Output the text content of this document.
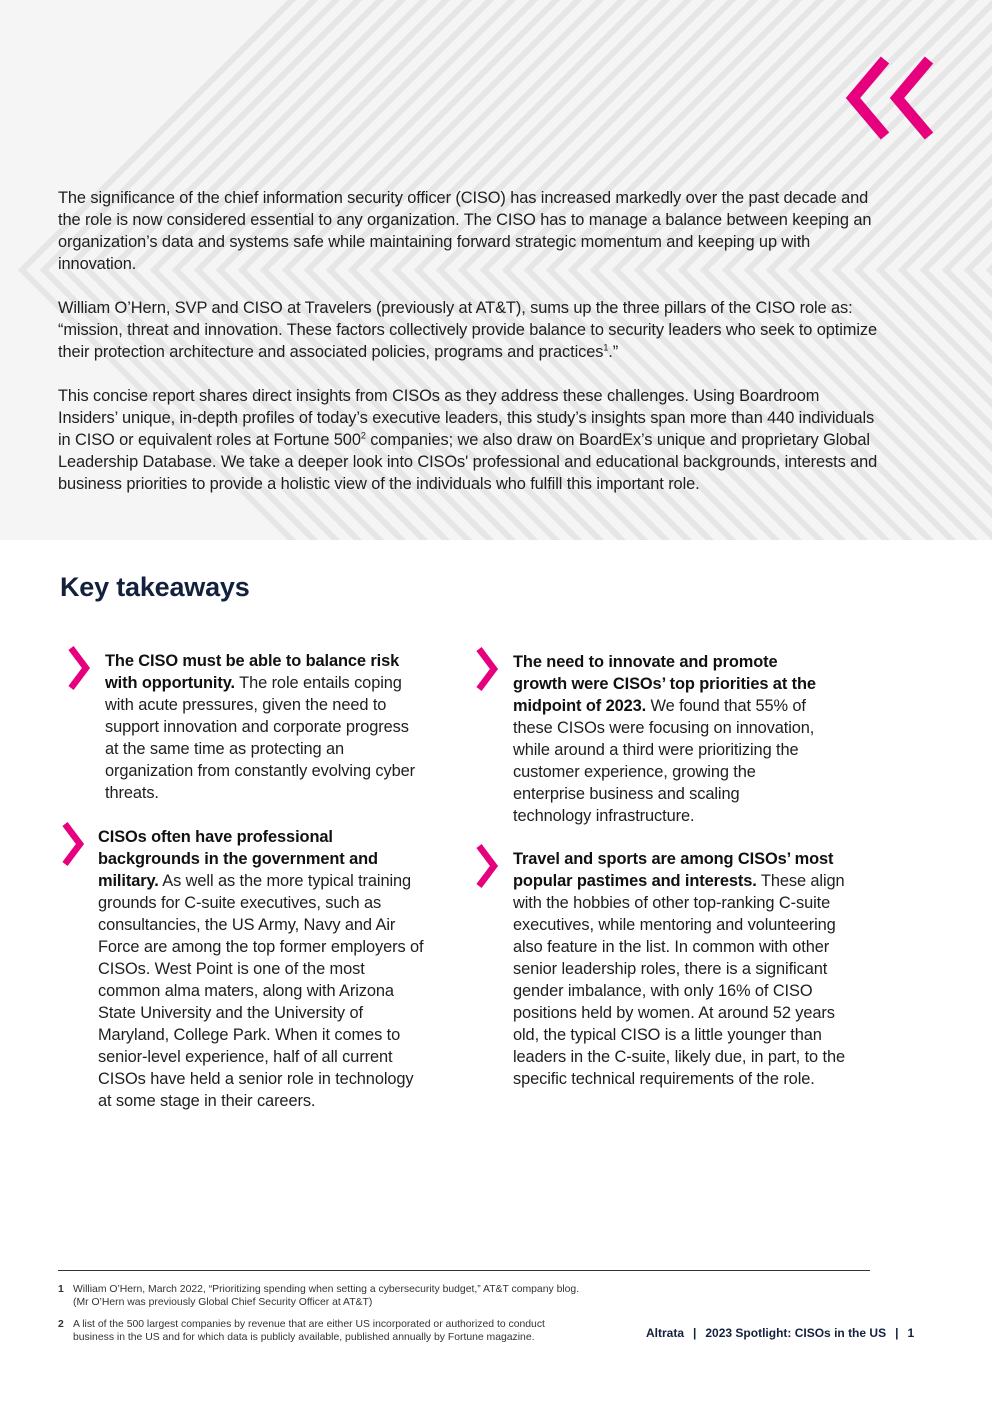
The significance of the chief information security officer (CISO) has increased markedly over the past decade and the role is now considered essential to any organization. The CISO has to manage a balance between keeping an organization’s data and systems safe while maintaining forward strategic momentum and keeping up with innovation.

William O’Hern, SVP and CISO at Travelers (previously at AT&T), sums up the three pillars of the CISO role as: “mission, threat and innovation. These factors collectively provide balance to security leaders who seek to optimize their protection architecture and associated policies, programs and practices$^1$.”

This concise report shares direct insights from CISOs as they address these challenges. Using Boardroom Insiders’ unique, in-depth profiles of today’s executive leaders, this study’s insights span more than 440 individuals in CISO or equivalent roles at Fortune $500^2$ companies; we also draw on BoardEx’s unique and proprietary Global Leadership Database. We take a deeper look into CISOs' professional and educational backgrounds, interests and business priorities to provide a holistic view of the individuals who fulfill this important role.

Key takeaways

The CISO must be able to balance risk with opportunity. The role entails coping with acute pressures, given the need to support innovation and corporate progress at the same time as protecting an organization from constantly evolving cyber threats.

CISOs often have professional backgrounds in the government and military. As well as the more typical training grounds for C-suite executives, such as consultancies, the US Army, Navy and Air Force are among the top former employers of CISOs. West Point is one of the most common alma maters, along with Arizona State University and the University of Maryland, College Park. When it comes to senior-level experience, half of all current CISOs have held a senior role in technology at some stage in their careers.

The need to innovate and promote growth were CISOs’ top priorities at the midpoint of 2023. We found that 55% of these CISOs were focusing on innovation, while around a third were prioritizing the customer experience, growing the enterprise business and scaling technology infrastructure.

Travel and sports are among CISOs’ most popular pastimes and interests. These align with the hobbies of other top-ranking C-suite executives, while mentoring and volunteering also feature in the list. In common with other senior leadership roles, there is a significant gender imbalance, with only 16% of CISO positions held by women. At around 52 years old, the typical CISO is a little younger than leaders in the C-suite, likely due, in part, to the specific technical requirements of the role.

1 William O’Hern, March 2022, “Prioritizing spending when setting a cybersecurity budget,” AT&T company blog.
(Mr O’Hern was previously Global Chief Security Officer at AT&T)
2 A list of the 500 largest companies by revenue that are either US incorporated or authorized to conduct
business in the US and for which data is publicly available, published annually by Fortune magazine.	Altrata | 2023 Spotlight: CISOs in the US | 1
